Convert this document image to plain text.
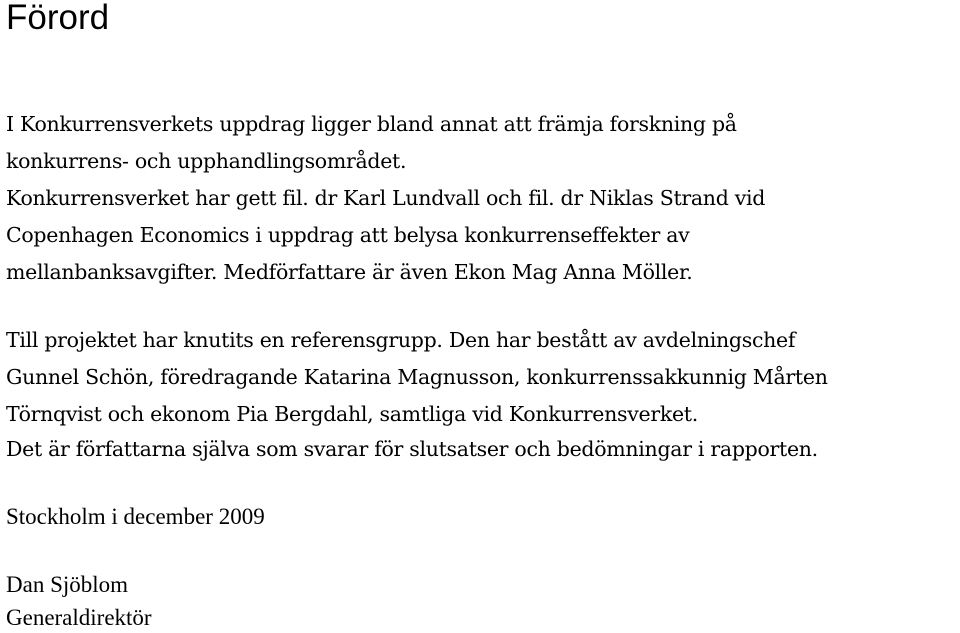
Förord
I Konkurrensverkets uppdrag ligger bland annat att främja forskning på
konkurrens- och upphandlingsområdet.
Konkurrensverket har gett fil. dr Karl Lundvall och fil. dr Niklas Strand vid
Copenhagen Economics i uppdrag att belysa konkurrenseffekter av
mellanbanksavgifter. Medförfattare är även Ekon Mag Anna Möller.
Till projektet har knutits en referensgrupp. Den har bestått av avdelningschef
Gunnel Schön, föredragande Katarina Magnusson, konkurrenssakkunnig Mårten
Törnqvist och ekonom Pia Bergdahl, samtliga vid Konkurrensverket.
Det är författarna själva som svarar för slutsatser och bedömningar i rapporten.
Stockholm i december 2009
Dan Sjöblom
Generaldirektör
